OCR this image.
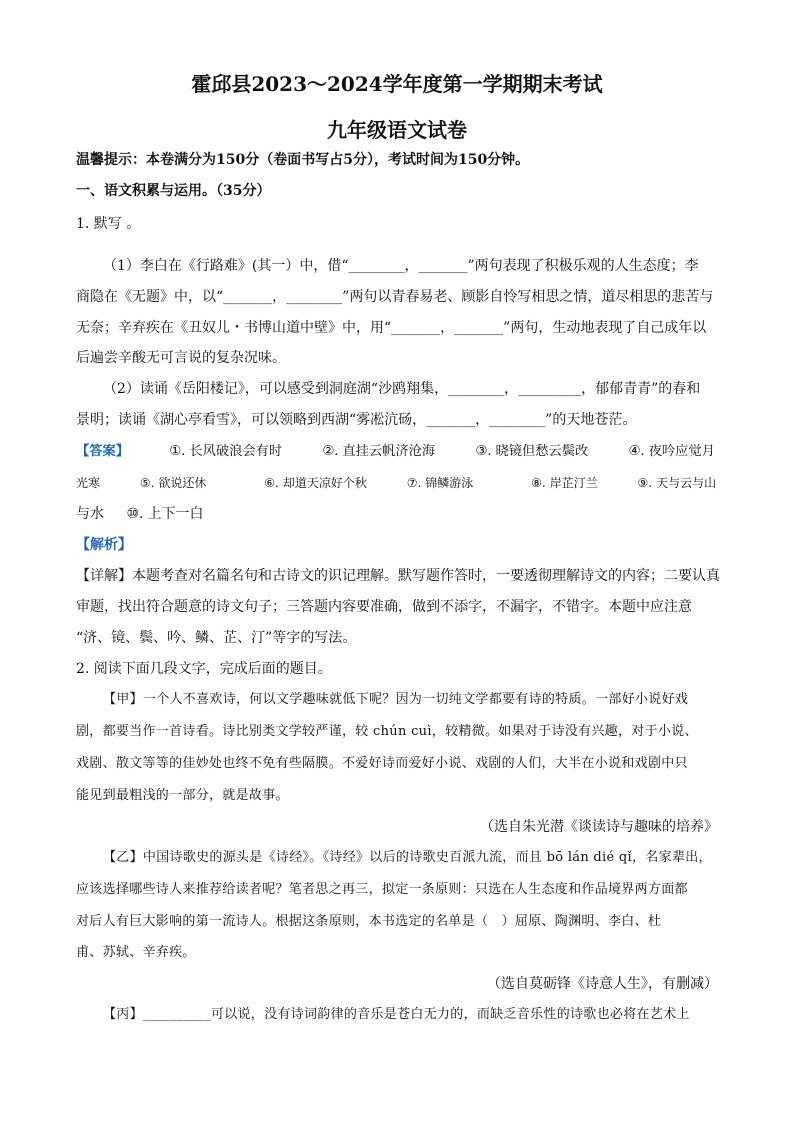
霍邱县2023～2024学年度第一学期期末考试
九年级语文试卷
温馨提示：本卷满分为150分（卷面书写占5分），考试时间为150分钟。
一、语文积累与运用。（35分）
1. 默写 。
（1）李白在《行路难》(其一）中，借“________，_______”两句表现了积极乐观的人生态度；李
商隐在《无题》中，以“_______，________”两句以青春易老、顾影自怜写相思之情，道尽相思的悲苦与
无奈；辛弃疾在《丑奴儿・书博山道中壁》中，用“_______，_______”两句，生动地表现了自己成年以
后遍尝辛酸无可言说的复杂况味。
（2）读诵《岳阳楼记》，可以感受到洞庭湖“沙鸥翔集，________，_________，郁郁青青”的春和
景明；读诵《湖心亭看雪》，可以领略到西湖“雾凇沆砀，_______，________”的天地苍茫。
【答案】	①. 长风破浪会有时	②. 直挂云帆济沧海	③. 晓镜但愁云鬓改	④. 夜吟应觉月
光寒	⑤. 欲说还休	⑥. 却道天凉好个秋	⑦. 锦鳞游泳	⑧. 岸芷汀兰	⑨. 天与云与山
与水 ⑩. 上下一白
【解析】
【详解】本题考查对名篇名句和古诗文的识记理解。默写题作答时，一要透彻理解诗文的内容；二要认真
审题，找出符合题意的诗文句子；三答题内容要准确，做到不添字，不漏字，不错字。本题中应注意
“济、镜、鬓、吟、鳞、芷、汀”等字的写法。
2. 阅读下面几段文字，完成后面的题目。
【甲】一个人不喜欢诗，何以文学趣味就低下呢？因为一切纯文学都要有诗的特质。一部好小说好戏
剧，都要当作一首诗看。诗比别类文学较严谨，较 chún cuì，较精微。如果对于诗没有兴趣，对于小说、
戏剧、散文等等的佳妙处也终不免有些隔膜。不爱好诗而爱好小说、戏剧的人们，大半在小说和戏剧中只
能见到最粗浅的一部分，就是故事。
（选自朱光潜《谈读诗与趣味的培养》
【乙】中国诗歌史的源头是《诗经》。《诗经》以后的诗歌史百派九流，而且 bō lán dié qǐ，名家辈出，
应该选择哪些诗人来推荐给读者呢？笔者思之再三，拟定一条原则：只选在人生态度和作品境界两方面都
对后人有巨大影响的第一流诗人。根据这条原则，本书选定的名单是（　）屈原、陶渊明、李白、杜
甫、苏轼、辛弃疾。
（选自莫砺锋《诗意人生》，有删减）
【丙】__________可以说，没有诗词韵律的音乐是苍白无力的，而缺乏音乐性的诗歌也必将在艺术上
